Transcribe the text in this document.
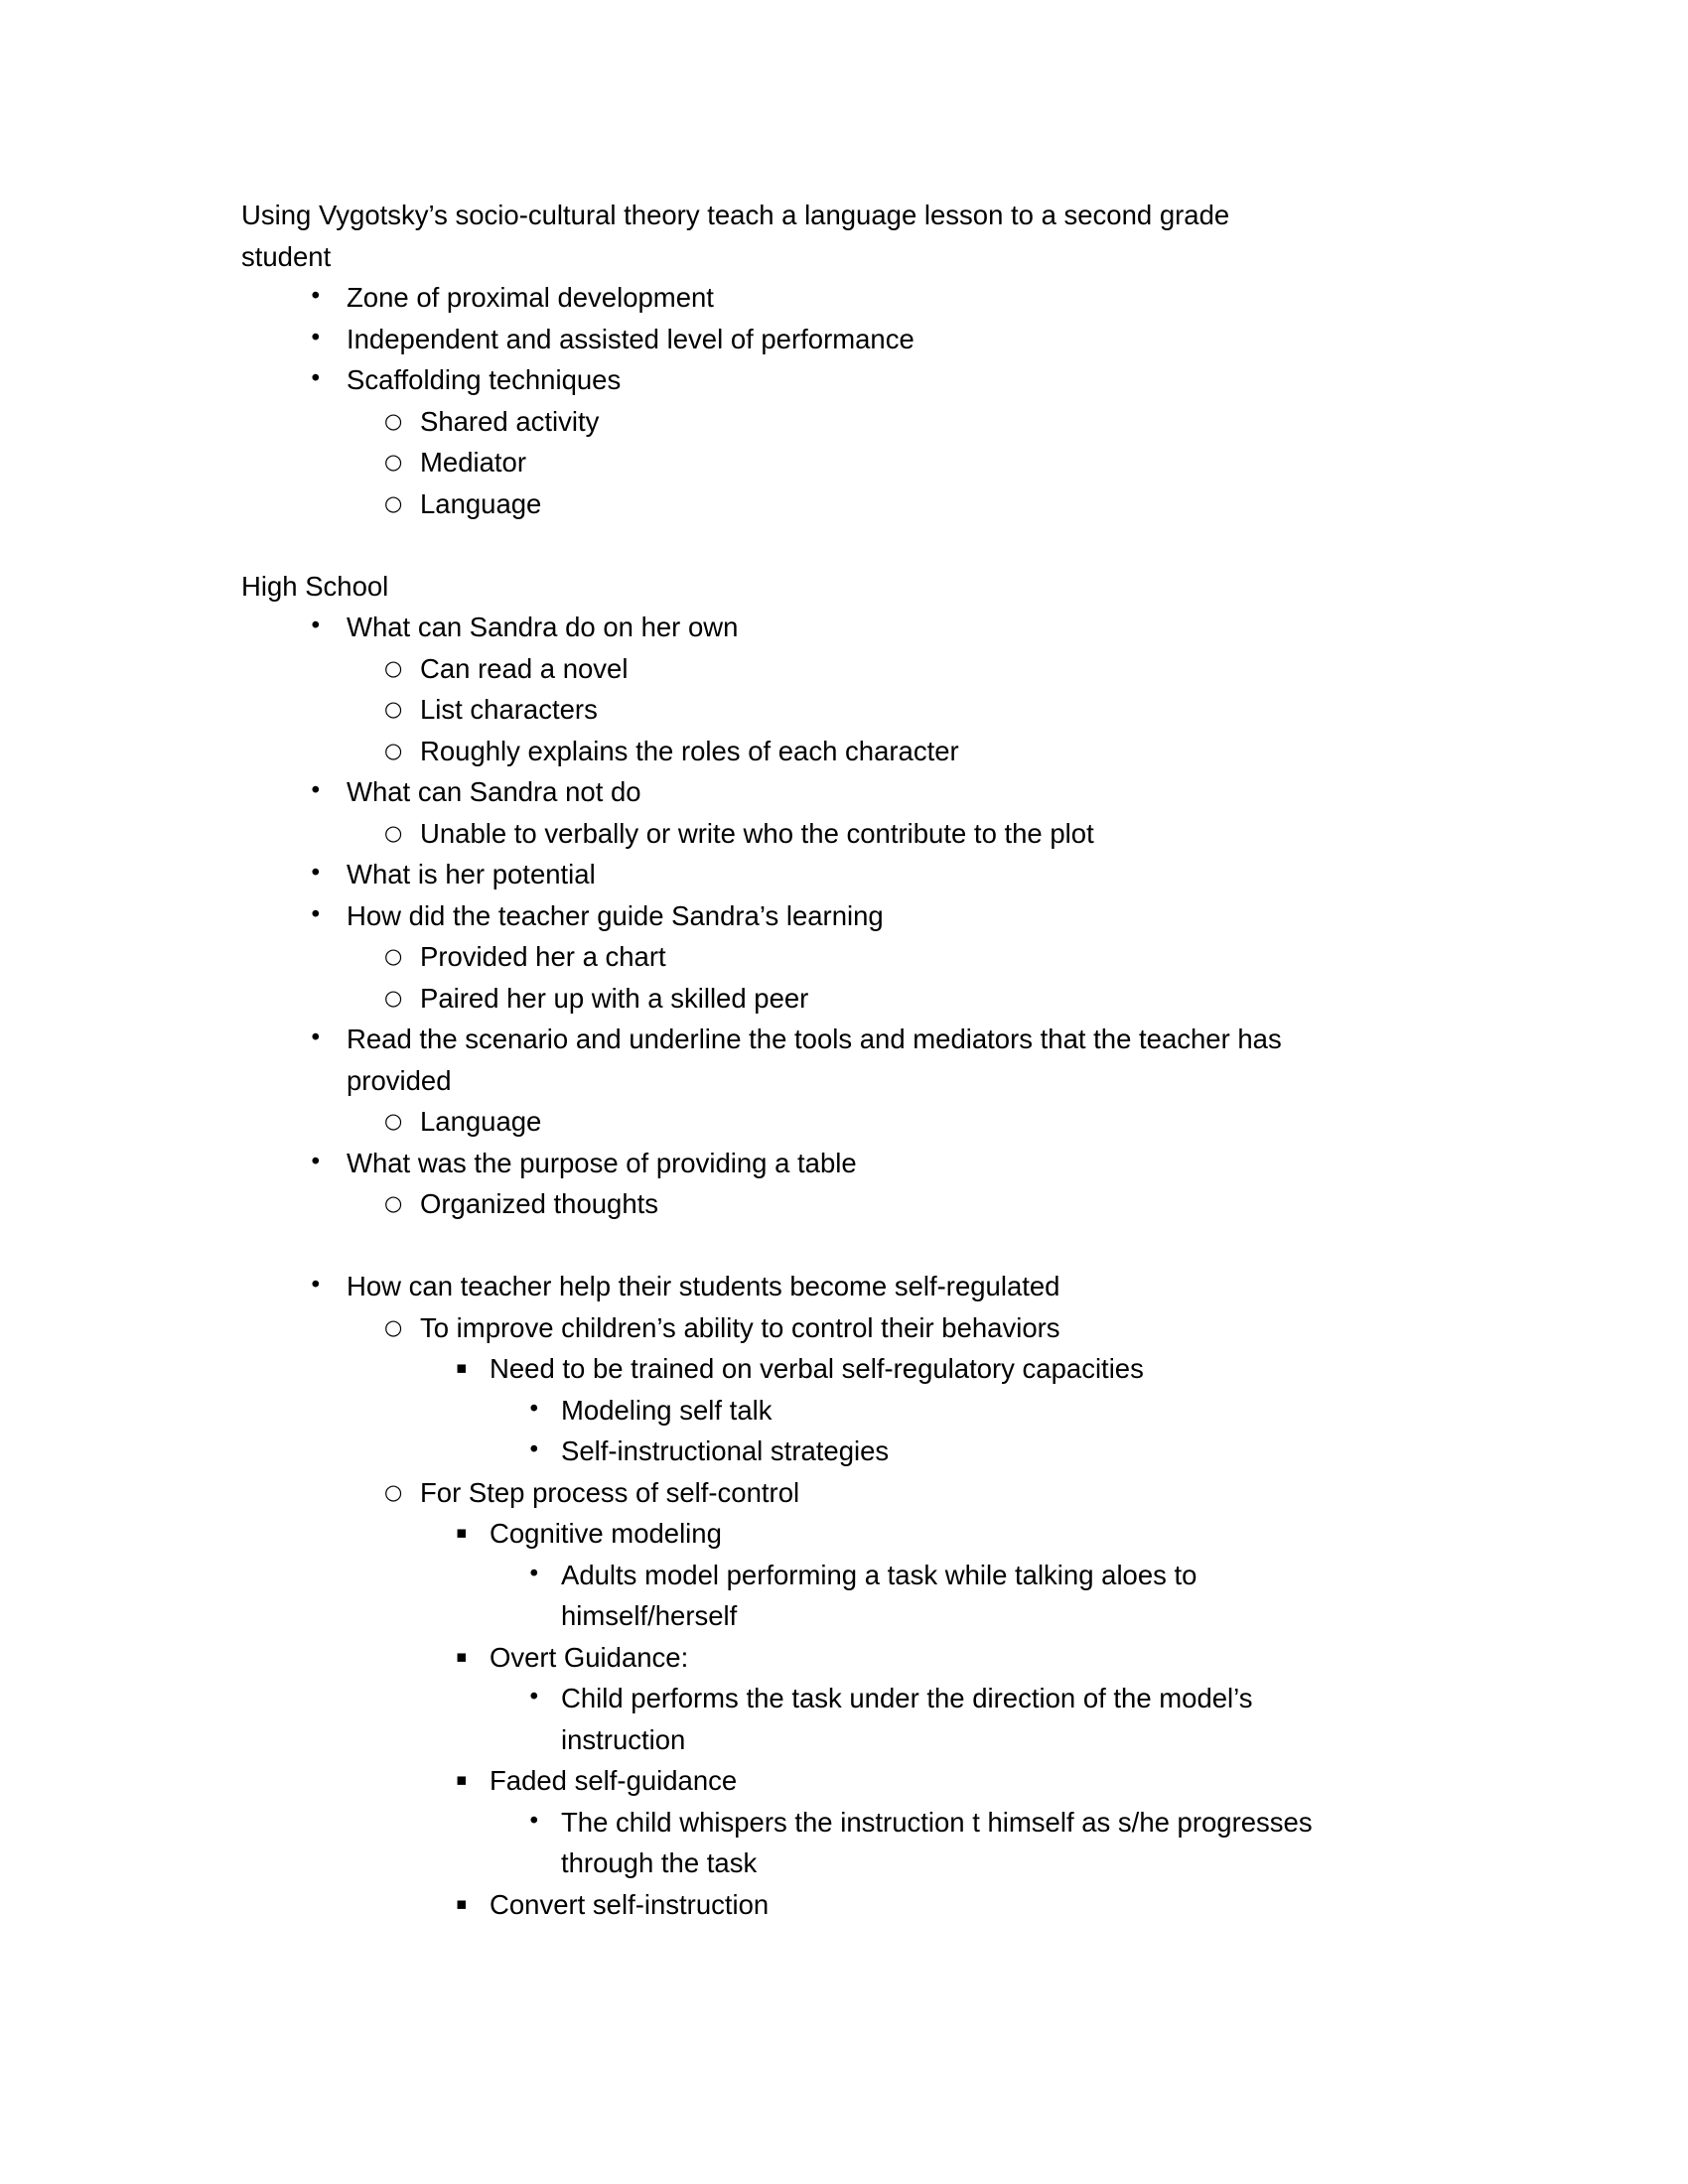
Using Vygotsky’s socio-cultural theory teach a language lesson to a second grade student
• Zone of proximal development
• Independent and assisted level of performance
• Scaffolding techniques
○ Shared activity
○ Mediator
○ Language
High School
• What can Sandra do on her own
○ Can read a novel
○ List characters
○ Roughly explains the roles of each character
• What can Sandra not do
○ Unable to verbally or write who the contribute to the plot
• What is her potential
• How did the teacher guide Sandra’s learning
○ Provided her a chart
○ Paired her up with a skilled peer
• Read the scenario and underline the tools and mediators that the teacher has provided
○ Language
• What was the purpose of providing a table
○ Organized thoughts
• How can teacher help their students become self-regulated
○ To improve children’s ability to control their behaviors
▪ Need to be trained on verbal self-regulatory capacities
• Modeling self talk
• Self-instructional strategies
○ For Step process of self-control
▪ Cognitive modeling
• Adults model performing a task while talking aloes to himself/herself
▪ Overt Guidance:
• Child performs the task under the direction of the model’s instruction
▪ Faded self-guidance
• The child whispers the instruction t himself as s/he progresses through the task
▪ Convert self-instruction
